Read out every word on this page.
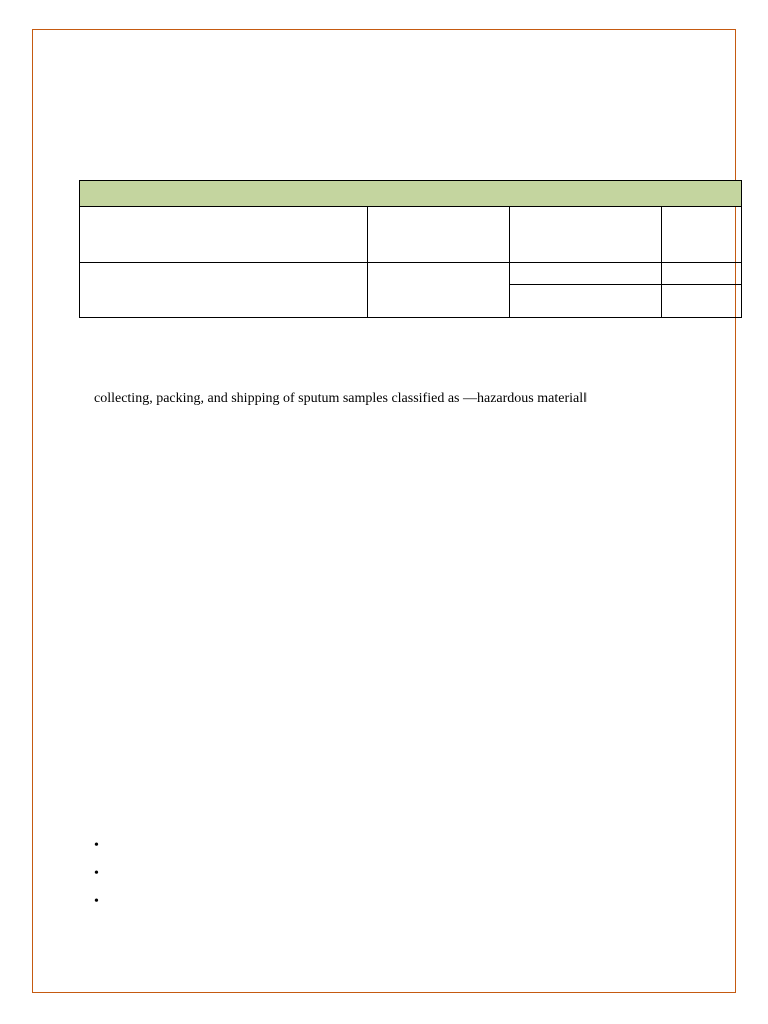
collecting, packing, and shipping of sputum samples classified as —hazardous material‖
•
•
•
